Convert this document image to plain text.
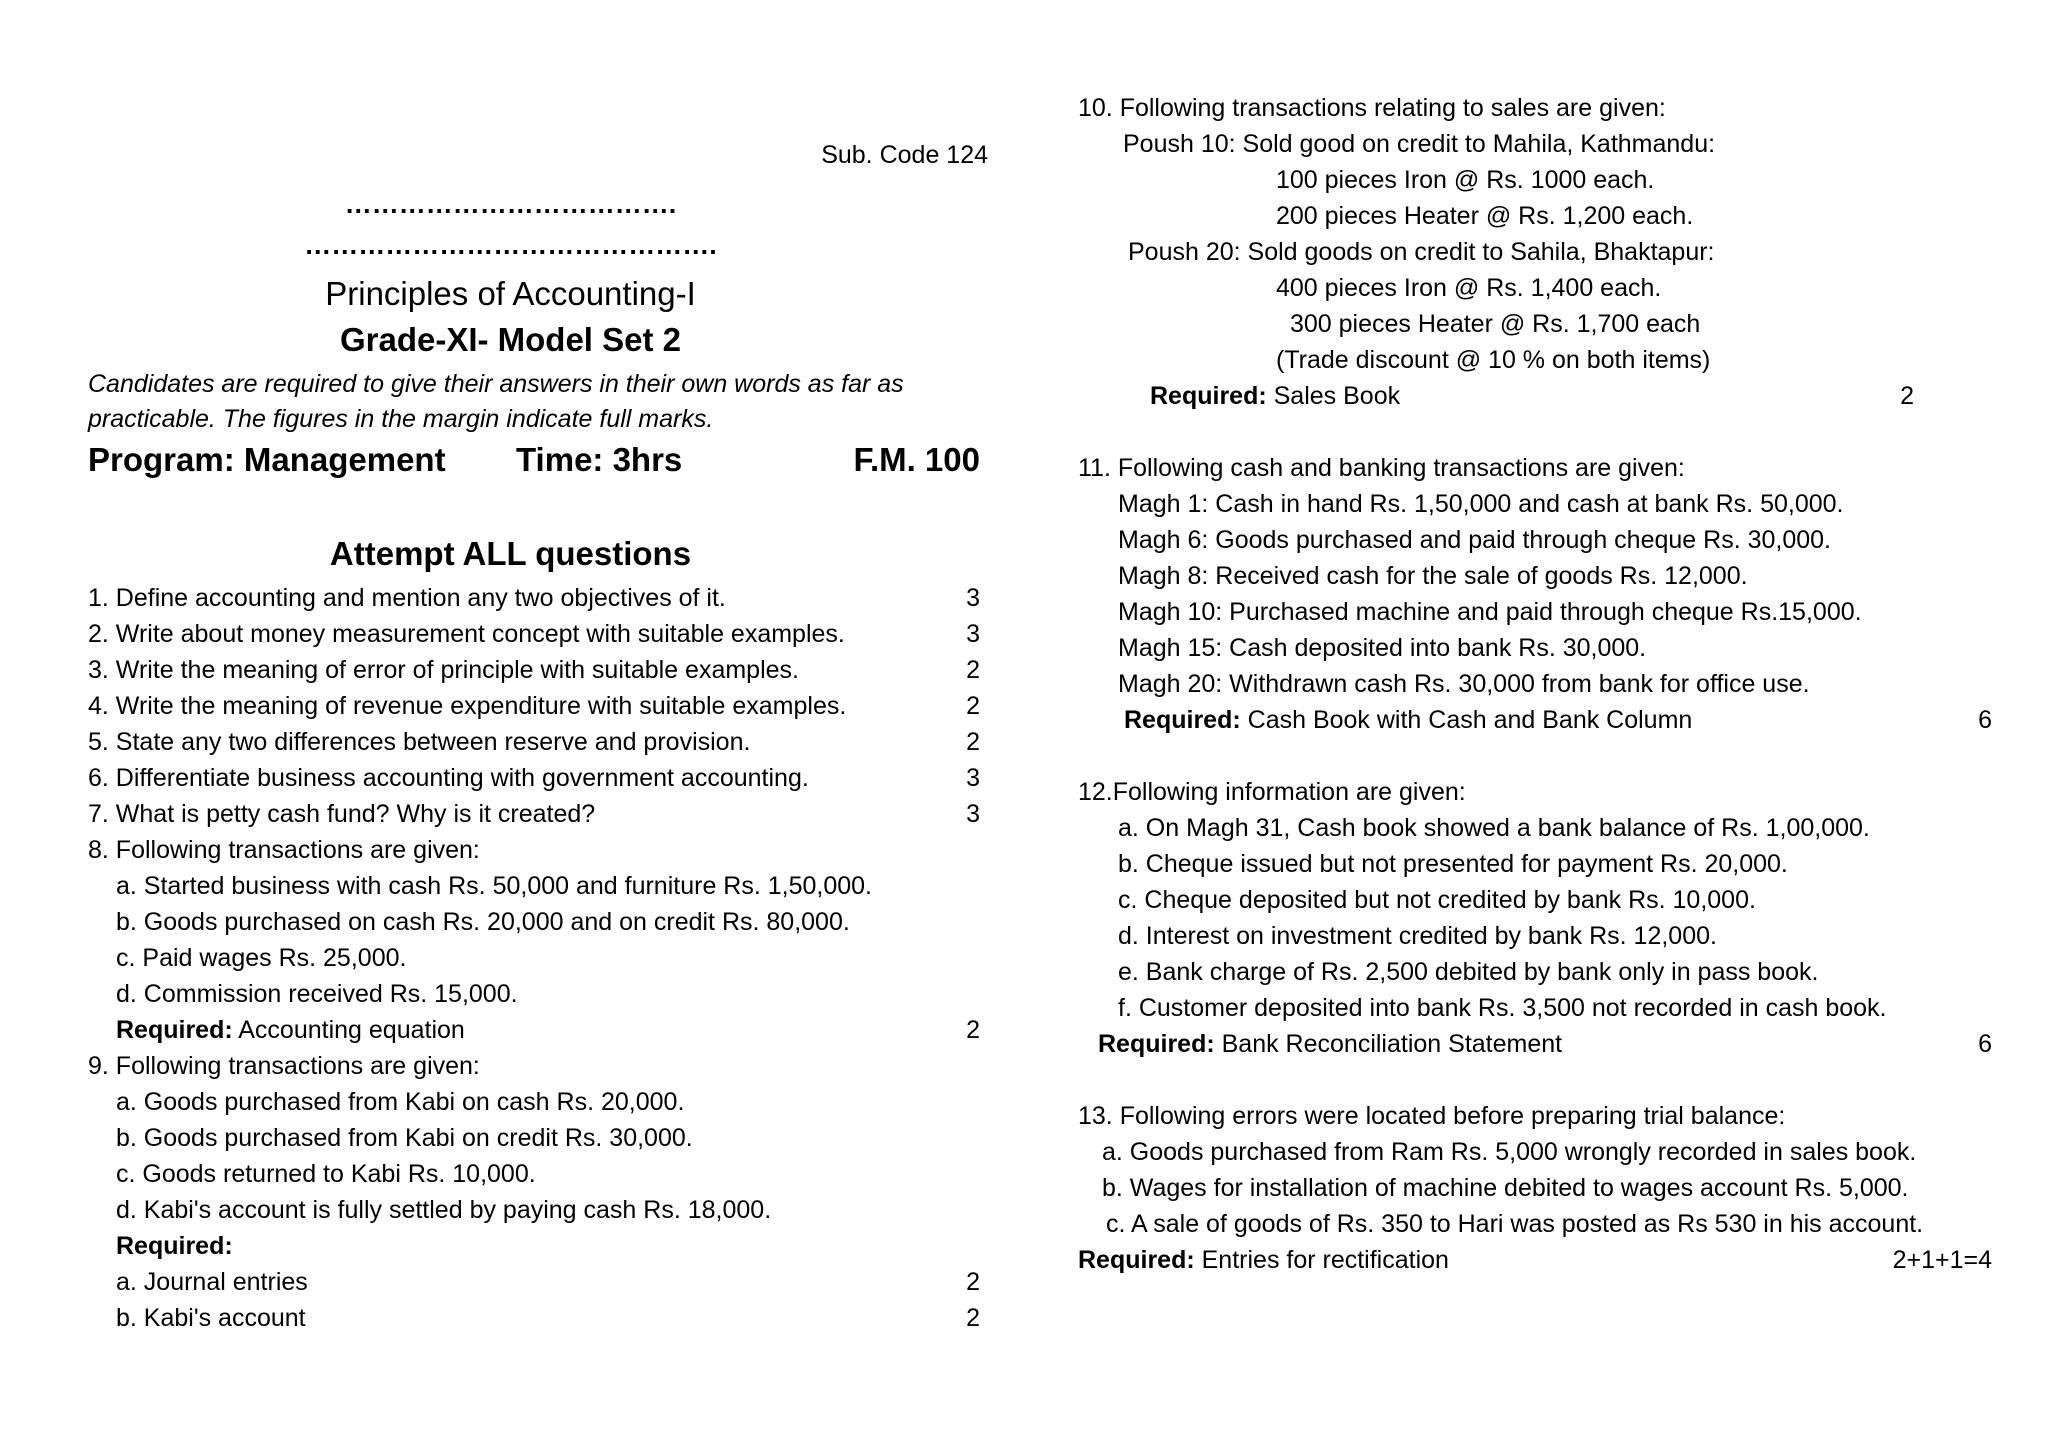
Sub. Code 124
……………………………….
……………………………………….
Principles of Accounting-I
Grade-XI- Model Set 2
Candidates are required to give their answers in their own words as far as
practicable. The figures in the margin indicate full marks.
Program: Management Time: 3hrs	F.M. 100
Attempt ALL questions
1. Define accounting and mention any two objectives of it.	3
2. Write about money measurement concept with suitable examples.	3
3. Write the meaning of error of principle with suitable examples.	2
4. Write the meaning of revenue expenditure with suitable examples.	2
5. State any two differences between reserve and provision.	2
6. Differentiate business accounting with government accounting.	3
7. What is petty cash fund? Why is it created?	3
8. Following transactions are given:
a. Started business with cash Rs. 50,000 and furniture Rs. 1,50,000.
b. Goods purchased on cash Rs. 20,000 and on credit Rs. 80,000.
c. Paid wages Rs. 25,000.
d. Commission received Rs. 15,000.
Required: Accounting equation	2
9. Following transactions are given:
a. Goods purchased from Kabi on cash Rs. 20,000.
b. Goods purchased from Kabi on credit Rs. 30,000.
c. Goods returned to Kabi Rs. 10,000.
d. Kabi's account is fully settled by paying cash Rs. 18,000.
Required:
a. Journal entries	2
b. Kabi's account	2
10. Following transactions relating to sales are given:
Poush 10: Sold good on credit to Mahila, Kathmandu:
100 pieces Iron @ Rs. 1000 each.
200 pieces Heater @ Rs. 1,200 each.
Poush 20: Sold goods on credit to Sahila, Bhaktapur:
400 pieces Iron @ Rs. 1,400 each.
300 pieces Heater @ Rs. 1,700 each
(Trade discount @ 10 % on both items)
Required: Sales Book	2
11. Following cash and banking transactions are given:
Magh 1: Cash in hand Rs. 1,50,000 and cash at bank Rs. 50,000.
Magh 6: Goods purchased and paid through cheque Rs. 30,000.
Magh 8: Received cash for the sale of goods Rs. 12,000.
Magh 10: Purchased machine and paid through cheque Rs.15,000.
Magh 15: Cash deposited into bank Rs. 30,000.
Magh 20: Withdrawn cash Rs. 30,000 from bank for office use.
Required: Cash Book with Cash and Bank Column	6
12.Following information are given:
a. On Magh 31, Cash book showed a bank balance of Rs. 1,00,000.
b. Cheque issued but not presented for payment Rs. 20,000.
c. Cheque deposited but not credited by bank Rs. 10,000.
d. Interest on investment credited by bank Rs. 12,000.
e. Bank charge of Rs. 2,500 debited by bank only in pass book.
f. Customer deposited into bank Rs. 3,500 not recorded in cash book.
Required: Bank Reconciliation Statement	6
13. Following errors were located before preparing trial balance:
a. Goods purchased from Ram Rs. 5,000 wrongly recorded in sales book.
b. Wages for installation of machine debited to wages account Rs. 5,000.
c. A sale of goods of Rs. 350 to Hari was posted as Rs 530 in his account.
Required: Entries for rectification	2+1+1=4
